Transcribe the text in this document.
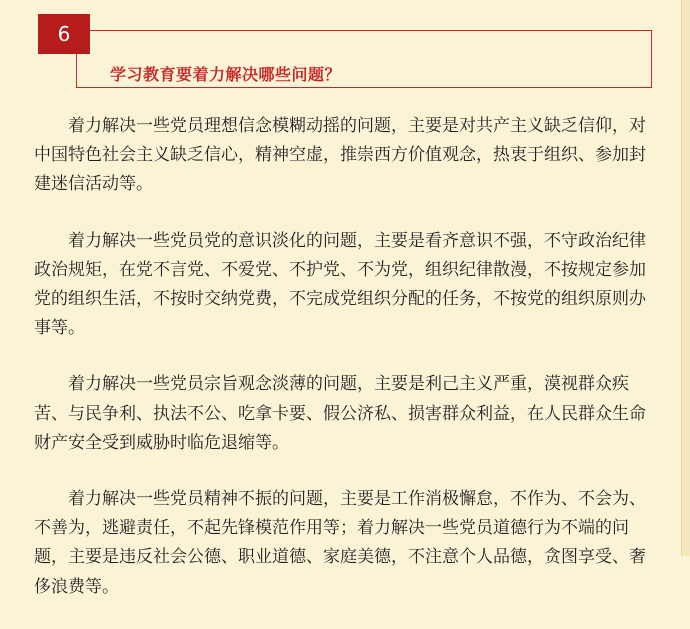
6
学习教育要着力解决哪些问题？

着力解决一些党员理想信念模糊动摇的问题，主要是对共产主义缺乏信仰，对中国特色社会主义缺乏信心，精神空虚，推崇西方价值观念，热衷于组织、参加封建迷信活动等。

着力解决一些党员党的意识淡化的问题，主要是看齐意识不强，不守政治纪律政治规矩，在党不言党、不爱党、不护党、不为党，组织纪律散漫，不按规定参加党的组织生活，不按时交纳党费，不完成党组织分配的任务，不按党的组织原则办事等。

着力解决一些党员宗旨观念淡薄的问题，主要是利己主义严重，漠视群众疾苦、与民争利、执法不公、吃拿卡要、假公济私、损害群众利益，在人民群众生命财产安全受到威胁时临危退缩等。

着力解决一些党员精神不振的问题，主要是工作消极懈怠，不作为、不会为、不善为，逃避责任，不起先锋模范作用等；着力解决一些党员道德行为不端的问题，主要是违反社会公德、职业道德、家庭美德，不注意个人品德，贪图享受、奢侈浪费等。
